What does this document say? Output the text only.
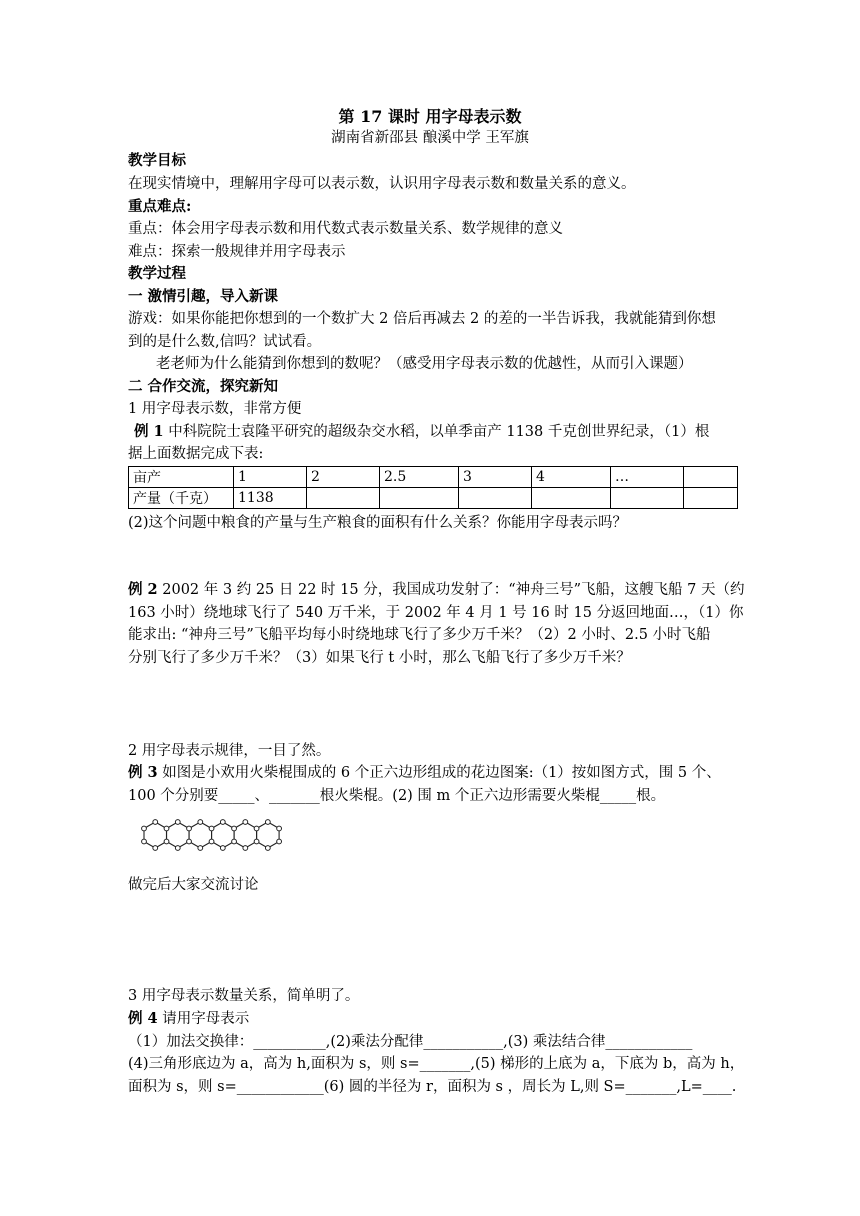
第 17 课时 用字母表示数
湖南省新邵县 酿溪中学 王军旗
教学目标
在现实情境中，理解用字母可以表示数，认识用字母表示数和数量关系的意义。
重点难点:
重点：体会用字母表示数和用代数式表示数量关系、数学规律的意义
难点：探索一般规律并用字母表示
教学过程
一 激情引趣，导入新课
游戏：如果你能把你想到的一个数扩大 2 倍后再减去 2 的差的一半告诉我，我就能猜到你想
到的是什么数,信吗？试试看。
老老师为什么能猜到你想到的数呢？（感受用字母表示数的优越性，从而引入课题）
二 合作交流，探究新知
1 用字母表示数，非常方便
例 1 中科院院士袁隆平研究的超级杂交水稻，以单季亩产 1138 千克创世界纪录，（1）根
据上面数据完成下表:
亩产	1	2	2.5	3	4	…	
产量（千克）	1138						
(2)这个问题中粮食的产量与生产粮食的面积有什么关系？你能用字母表示吗？
例 2 2002 年 3 约 25 日 22 时 15 分，我国成功发射了：“神舟三号”飞船，这艘飞船 7 天（约
163 小时）绕地球飞行了 540 万千米，于 2002 年 4 月 1 号 16 时 15 分返回地面…，（1）你
能求出: “神舟三号”飞船平均每小时绕地球飞行了多少万千米？（2）2 小时、2.5 小时飞船
分别飞行了多少万千米？（3）如果飞行 t 小时，那么飞船飞行了多少万千米？
2 用字母表示规律，一目了然。
例 3 如图是小欢用火柴棍围成的 6 个正六边形组成的花边图案:（1）按如图方式，围 5 个、
100 个分别要_____、_______根火柴棍。(2) 围 m 个正六边形需要火柴棍_____根。
做完后大家交流讨论
3 用字母表示数量关系，简单明了。
例 4 请用字母表示
（1）加法交换律：__________,(2)乘法分配律___________,(3) 乘法结合律____________
(4)三角形底边为 a，高为 h,面积为 s，则 s=_______,(5) 梯形的上底为 a，下底为 b，高为 h，
面积为 s，则 s=____________(6) 圆的半径为 r，面积为 s ，周长为 L,则 S=_______,L=____.
